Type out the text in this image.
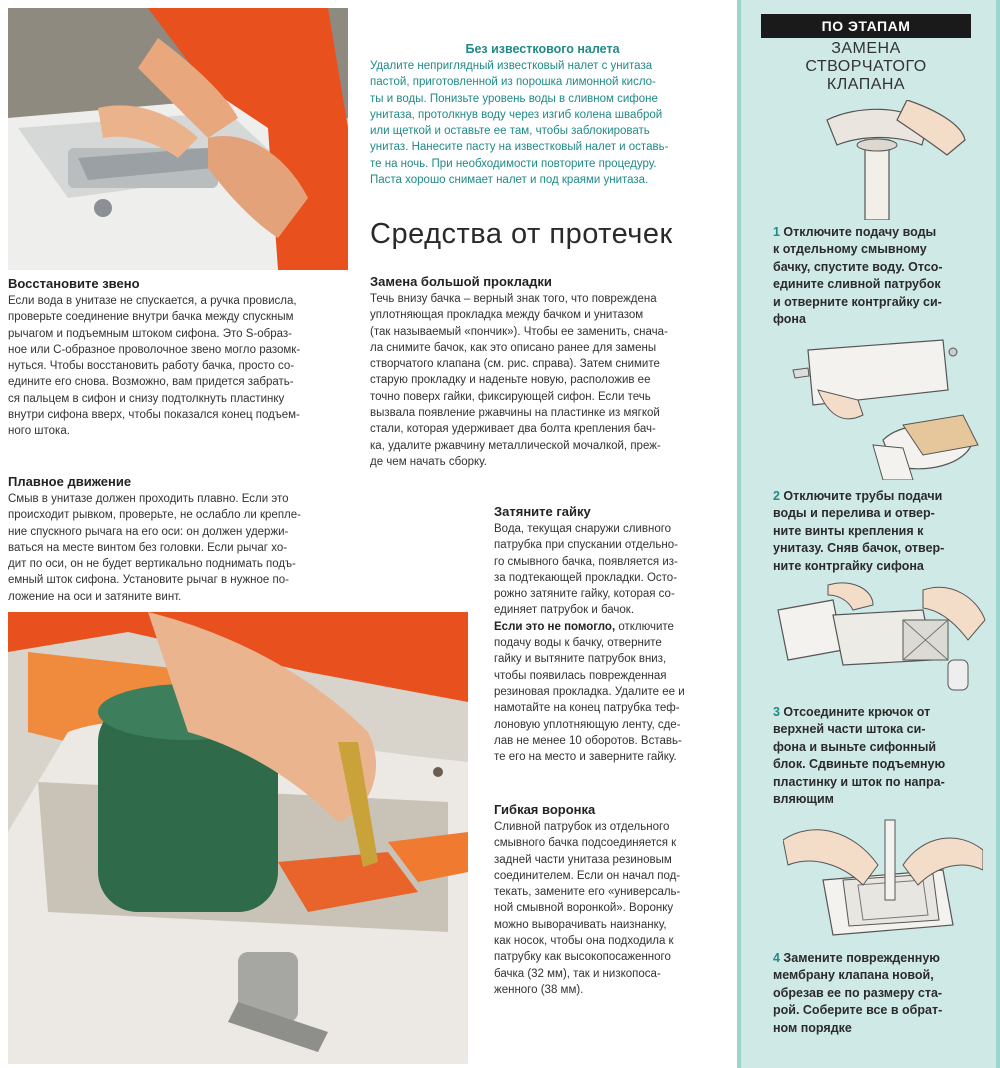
Восстановите звено

Если вода в унитазе не спускается, а ручка провисла,
проверьте соединение внутри бачка между спускным
рычагом и подъемным штоком сифона. Это S-образ-
ное или С-образное проволочное звено могло разомк-
нуться. Чтобы восстановить работу бачка, просто со-
едините его снова. Возможно, вам придется забрать-
ся пальцем в сифон и снизу подтолкнуть пластинку
внутри сифона вверх, чтобы показался конец подъем-
ного штока.

Плавное движение

Смыв в унитазе должен проходить плавно. Если это
происходит рывком, проверьте, не ослабло ли крепле-
ние спускного рычага на его оси: он должен удержи-
ваться на месте винтом без головки. Если рычаг хо-
дит по оси, он не будет вертикально поднимать подъ-
емный шток сифона. Установите рычаг в нужное по-
ложение на оси и затяните винт.

Без известкового налета

Удалите неприглядный известковый налет с унитаза
пастой, приготовленной из порошка лимонной кисло-
ты и воды. Понизьте уровень воды в сливном сифоне
унитаза, протолкнув воду через изгиб колена шваброй
или щеткой и оставьте ее там, чтобы заблокировать
унитаз. Нанесите пасту на известковый налет и оставь-
те на ночь. При необходимости повторите процедуру.
Паста хорошо снимает налет и под краями унитаза.

Средства от протечек
Замена большой прокладки

Течь внизу бачка – верный знак того, что повреждена
уплотняющая прокладка между бачком и унитазом
(так называемый «пончик»). Чтобы ее заменить, снача-
ла снимите бачок, как это описано ранее для замены
створчатого клапана (см. рис. справа). Затем снимите
старую прокладку и наденьте новую, расположив ее
точно поверх гайки, фиксирующей сифон. Если течь
вызвала появление ржавчины на пластинке из мягкой
стали, которая удерживает два болта крепления бач-
ка, удалите ржавчину металлической мочалкой, преж-
де чем начать сборку.

Затяните гайку

Вода, текущая снаружи сливного
патрубка при спускании отдельно-
го смывного бачка, появляется из-
за подтекающей прокладки. Осто-
рожно затяните гайку, которая со-
единяет патрубок и бачок.
Если это не помогло, отключите
подачу воды к бачку, отверните
гайку и вытяните патрубок вниз,
чтобы появилась поврежденная
резиновая прокладка. Удалите ее и
намотайте на конец патрубка теф-
лоновую уплотняющую ленту, сде-
лав не менее 10 оборотов. Вставь-
те его на место и заверните гайку.

Гибкая воронка

Сливной патрубок из отдельного
смывного бачка подсоединяется к
задней части унитаза резиновым
соединителем. Если он начал под-
текать, замените его «универсаль-
ной смывной воронкой». Воронку
можно выворачивать наизнанку,
как носок, чтобы она подходила к
патрубку как высокопосаженного
бачка (32 мм), так и низкопоса-
женного (38 мм).

ПО ЭТАПАМ
ЗАМЕНА
СТВОРЧАТОГО
КЛАПАНА
1 Отключите подачу воды
к отдельному смывному
бачку, спустите воду. Отсо-
едините сливной патрубок
и отверните контргайку си-
фона
2 Отключите трубы подачи
воды и перелива и отвер-
ните винты крепления к
унитазу. Сняв бачок, отвер-
ните контргайку сифона
3 Отсоедините крючок от
верхней части штока си-
фона и выньте сифонный
блок. Сдвиньте подъемную
пластинку и шток по напра-
вляющим
4 Замените поврежденную
мембрану клапана новой,
обрезав ее по размеру ста-
рой. Соберите все в обрат-
ном порядке
